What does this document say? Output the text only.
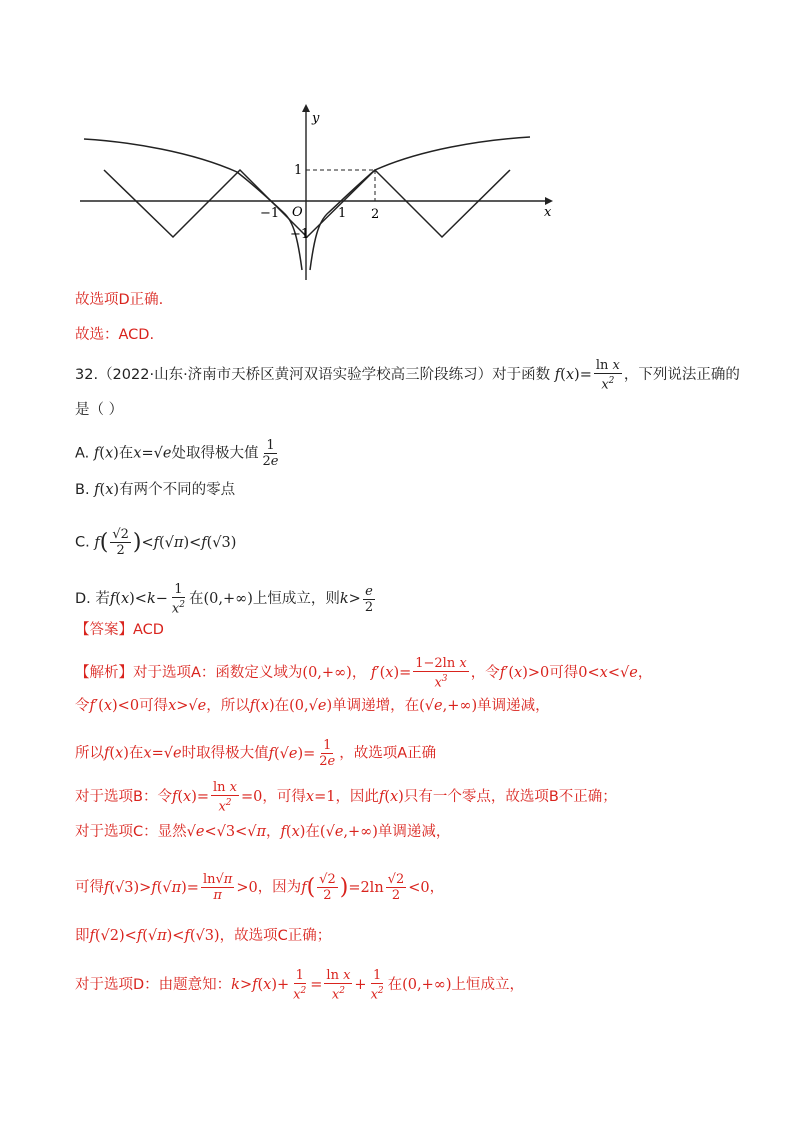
y
x
O
1
−1
−1
1 2
故选项D正确.
故选：ACD.
32.（2022·山东·济南市天桥区黄河双语实验学校高三阶段练习）对于函数 $f(x)= \frac{\text{ln x}}{x^2}$ ，下列说法正确的
是（ ）
A. f(x)在x=√e处取得极大值 $\frac{1}{2e}$
B. f(x)有两个不同的零点
C. $f( \frac{√2}{2} )<f(√\pi)<f(√3)$
D. 若$f(x)<k- \frac{1}{x^2}$ 在(0,+∞)上恒成立，则$k> \frac{e}{2}$
【答案】ACD
【解析】对于选项A：函数定义域为(0,+∞)， $f'(x)= \frac{\text{1−2ln x}}{x^3}$ ，令f′(x)>0可得0<x<√e，
令f′(x)<0可得x>√e，所以f(x)在(0,√e)单调递增，在(√e,+∞)单调递减，
所以f(x)在x=√e时取得极大值$f(√e)= \frac{1}{2e}$ ，故选项A正确
对于选项B：令$f(x)= \frac{\text{ln x}}{x^2} =0$，可得x=1，因此f(x)只有一个零点，故选项B不正确；
对于选项C：显然√e<√3<√π，f(x)在(√e,+∞)单调递减，
可得$f(√3)>f(√\pi)= \frac{\ln√\pi}{\pi} >0$，因为$f( \frac{√2}{2} )=2\ln \frac{√2}{2} <0$，
即f(√2)<f(√π)<f(√3)，故选项C正确；
对于选项D：由题意知：$k>f(x)+ \frac{1}{x^2} = \frac{\text{ln x}}{x^2} + \frac{1}{x^2}$ 在(0,+∞)上恒成立，
